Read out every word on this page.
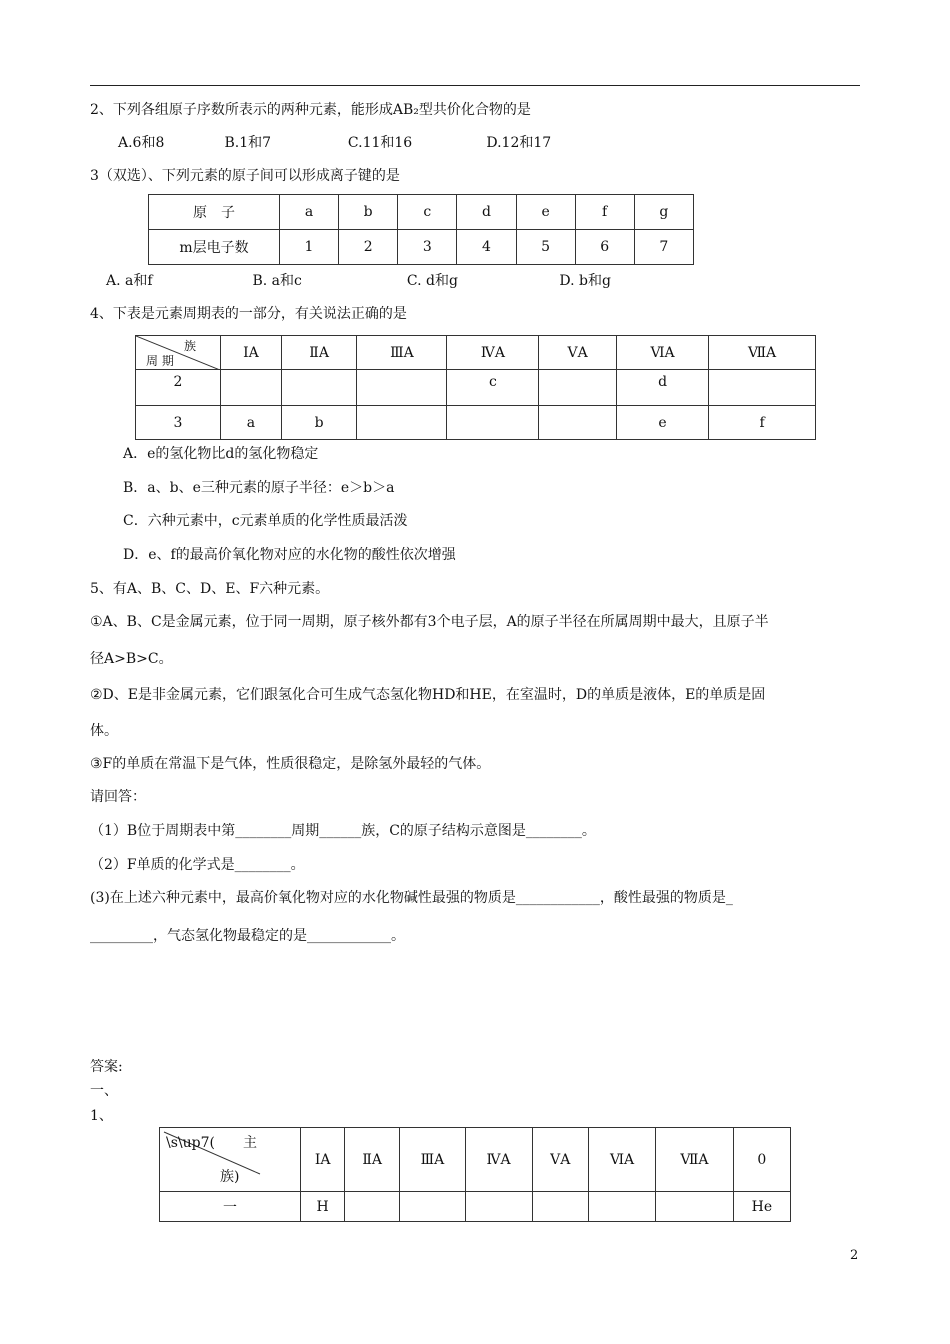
2、下列各组原子序数所表示的两种元素，能形成AB₂型共价化合物的是
A.6和8	B.1和7	C.11和16	D.12和17
3（双选）、下列元素的原子间可以形成离子键的是
原　子	a	b	c	d	e	f	g
m层电子数	1	2	3	4	5	6	7
A. a和f	B. a和c	C. d和g	D. b和g
4、下表是元素周期表的一部分，有关说法正确的是
族
周 期	ⅠA	ⅡA	ⅢA	ⅣA	ⅤA	ⅥA	ⅦA
2				c		d	
3	a	b				e	f
A．e的氢化物比d的氢化物稳定
B．a、b、e三种元素的原子半径：e＞b＞a
C．六种元素中，c元素单质的化学性质最活泼
D．e、f的最高价氧化物对应的水化物的酸性依次增强
5、有A、B、C、D、E、F六种元素。
①A、B、C是金属元素，位于同一周期，原子核外都有3个电子层，A的原子半径在所属周期中最大，且原子半
径A>B>C。
②D、E是非金属元素，它们跟氢化合可生成气态氢化物HD和HE，在室温时，D的单质是液体，E的单质是固
体。
③F的单质在常温下是气体，性质很稳定，是除氢外最轻的气体。
请回答：
（1）B位于周期表中第________周期______族，C的原子结构示意图是________。
（2）F单质的化学式是________。
(3)在上述六种元素中，最高价氧化物对应的水化物碱性最强的物质是____________，酸性最强的物质是_
_________，气态氢化物最稳定的是____________。
答案:
一、
1、
\s\up7(　　主
族)	ⅠA	ⅡA	ⅢA	ⅣA	ⅤA	ⅥA	ⅦA	0
一	H							He
2
